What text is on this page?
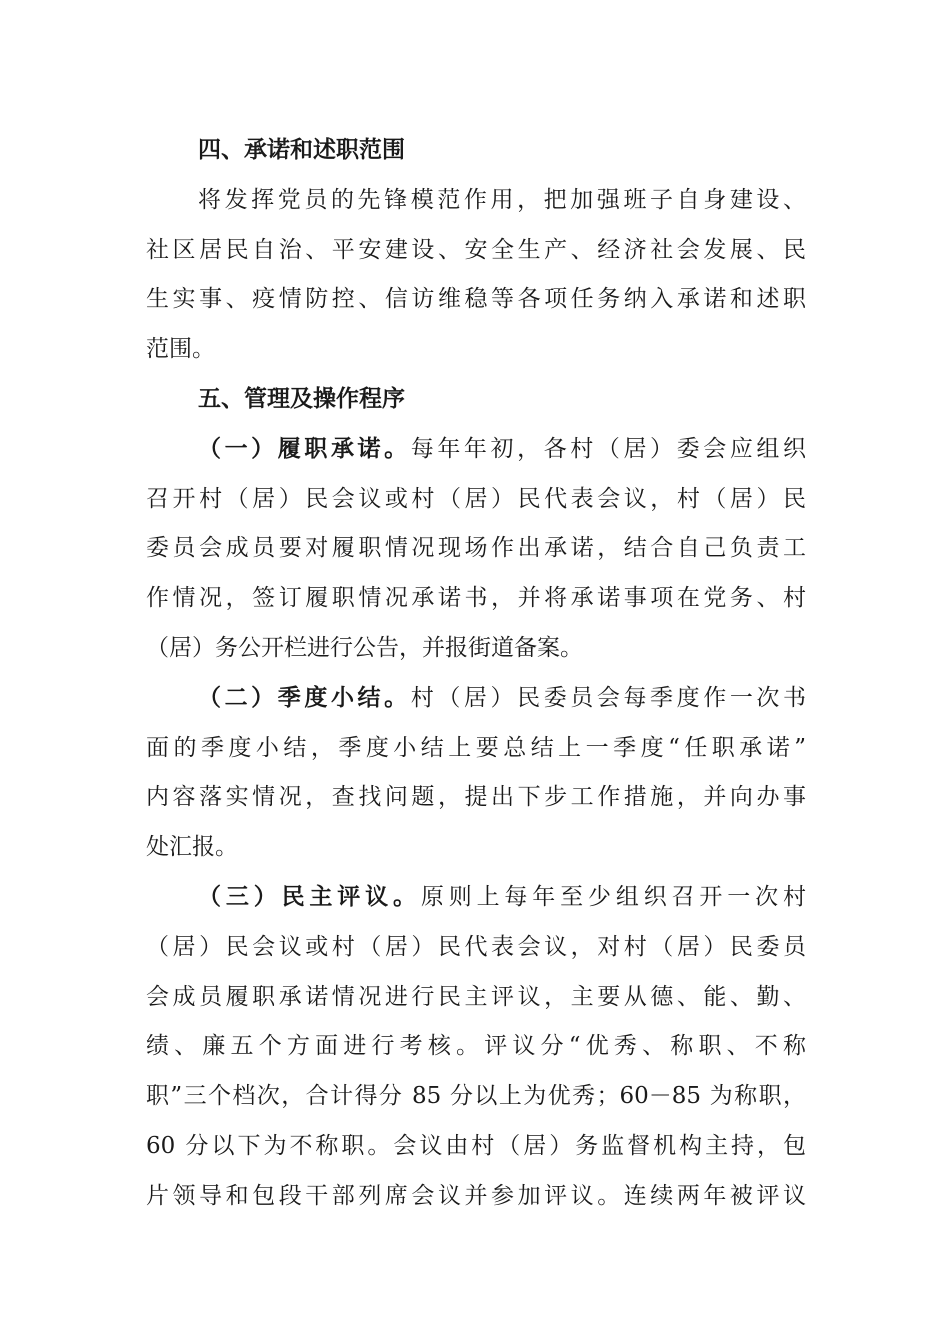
四、承诺和述职范围
将发挥党员的先锋模范作用，把加强班子自身建设、
社区居民自治、平安建设、安全生产、经济社会发展、民
生实事、疫情防控、信访维稳等各项任务纳入承诺和述职
范围。
五、管理及操作程序
（一）履职承诺。每年年初，各村（居）委会应组织
召开村（居）民会议或村（居）民代表会议，村（居）民
委员会成员要对履职情况现场作出承诺，结合自己负责工
作情况，签订履职情况承诺书，并将承诺事项在党务、村
（居）务公开栏进行公告，并报街道备案。
（二）季度小结。村（居）民委员会每季度作一次书
面的季度小结，季度小结上要总结上一季度“任职承诺”
内容落实情况，查找问题，提出下步工作措施，并向办事
处汇报。
（三）民主评议。原则上每年至少组织召开一次村
（居）民会议或村（居）民代表会议，对村（居）民委员
会成员履职承诺情况进行民主评议，主要从德、能、勤、
绩、廉五个方面进行考核。评议分“优秀、称职、不称
职”三个档次，合计得分 85 分以上为优秀；60－85 为称职，
60 分以下为不称职。会议由村（居）务监督机构主持，包
片领导和包段干部列席会议并参加评议。连续两年被评议
